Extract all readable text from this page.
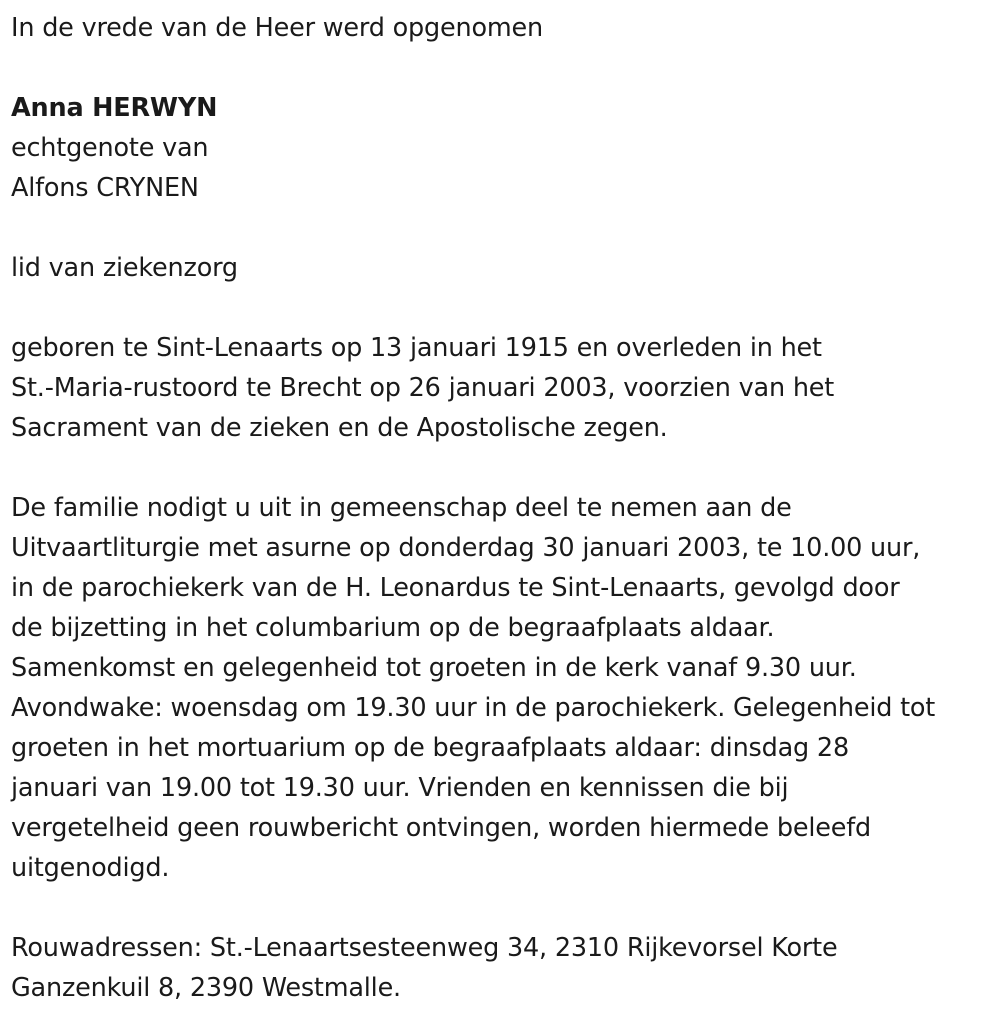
In de vrede van de Heer werd opgenomen
Anna HERWYN
echtgenote van
Alfons CRYNEN
lid van ziekenzorg
geboren te Sint-Lenaarts op 13 januari 1915 en overleden in het
St.-Maria-rustoord te Brecht op 26 januari 2003, voorzien van het
Sacrament van de zieken en de Apostolische zegen.
De familie nodigt u uit in gemeenschap deel te nemen aan de
Uitvaartliturgie met asurne op donderdag 30 januari 2003, te 10.00 uur,
in de parochiekerk van de H. Leonardus te Sint-Lenaarts, gevolgd door
de bijzetting in het columbarium op de begraafplaats aldaar.
Samenkomst en gelegenheid tot groeten in de kerk vanaf 9.30 uur.
Avondwake: woensdag om 19.30 uur in de parochiekerk. Gelegenheid tot
groeten in het mortuarium op de begraafplaats aldaar: dinsdag 28
januari van 19.00 tot 19.30 uur. Vrienden en kennissen die bij
vergetelheid geen rouwbericht ontvingen, worden hiermede beleefd
uitgenodigd.
Rouwadressen: St.-Lenaartsesteenweg 34, 2310 Rijkevorsel Korte
Ganzenkuil 8, 2390 Westmalle.
